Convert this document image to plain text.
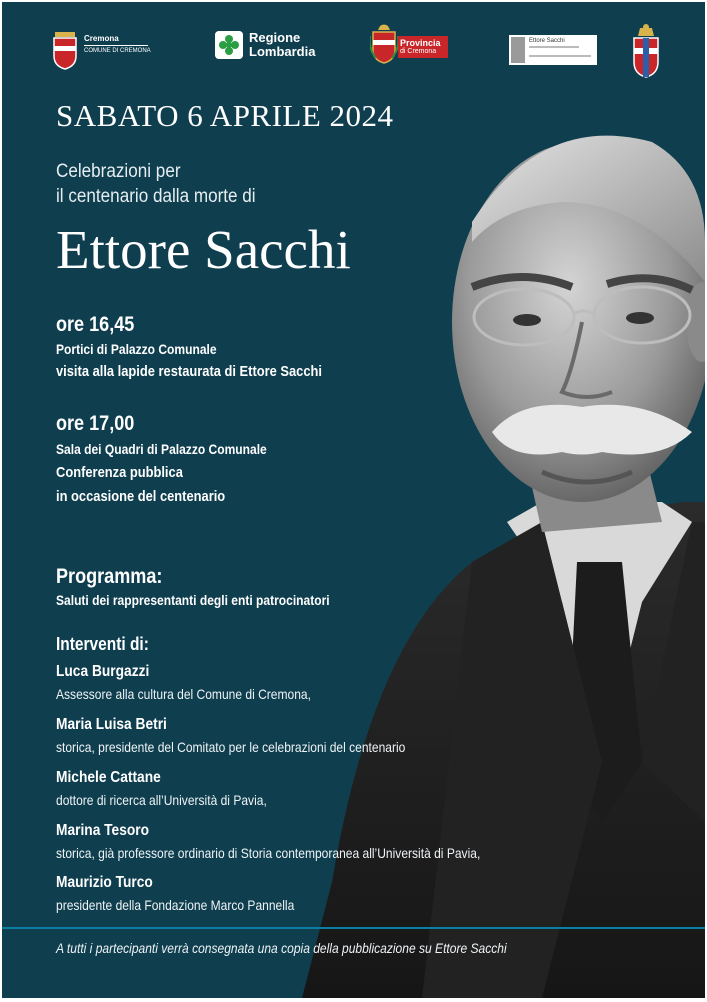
Cremona
COMUNE DI CREMONA
Regione
Lombardia
Provincia
di Cremona
Ettore Sacchi
SABATO 6 APRILE 2024
Celebrazioni per
il centenario dalla morte di
Ettore Sacchi
ore 16,45
Portici di Palazzo Comunale
visita alla lapide restaurata di Ettore Sacchi
ore 17,00
Sala dei Quadri di Palazzo Comunale
Conferenza pubblica
in occasione del centenario
Programma:
Saluti dei rappresentanti degli enti patrocinatori
Interventi di:
Luca Burgazzi
Assessore alla cultura del Comune di Cremona,
Maria Luisa Betri
storica, presidente del Comitato per le celebrazioni del centenario
Michele Cattane
dottore di ricerca all’Università di Pavia,
Marina Tesoro
storica, già professore ordinario di Storia contemporanea all’Università di Pavia,
Maurizio Turco
presidente della Fondazione Marco Pannella
A tutti i partecipanti verrà consegnata una copia della pubblicazione su Ettore Sacchi
